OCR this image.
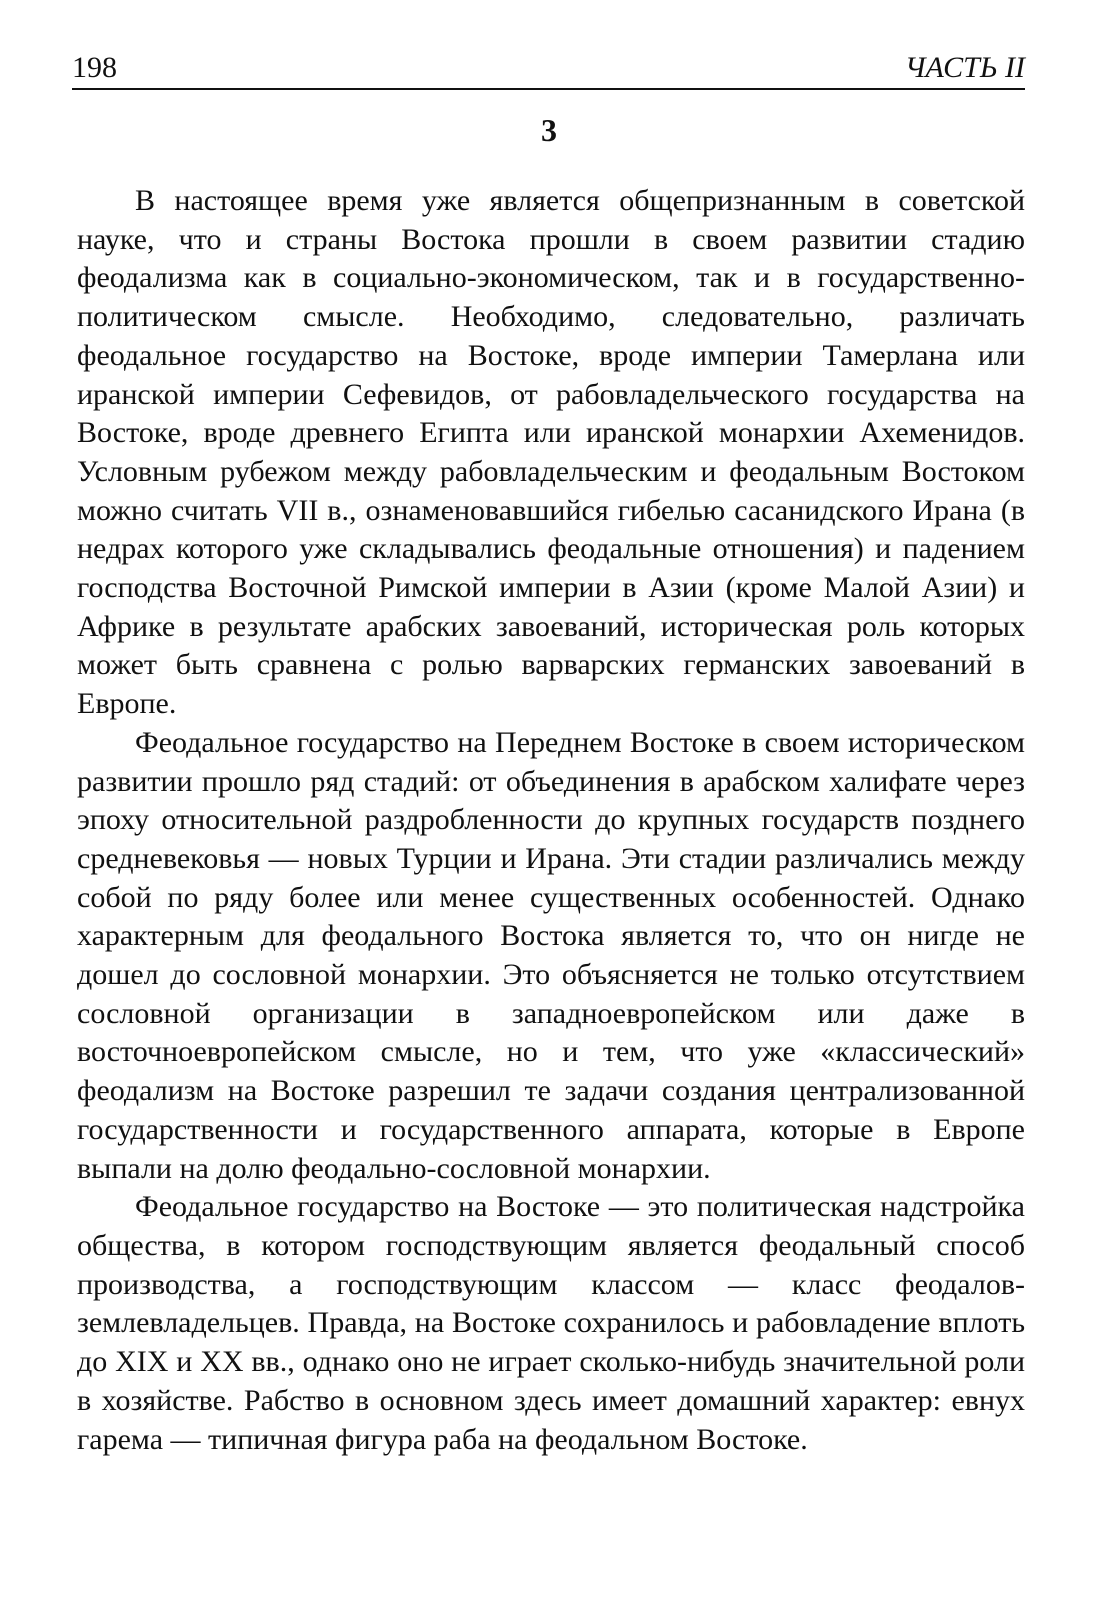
198	ЧАСТЬ II
3

В настоящее время уже является общепризнанным в советской науке, что и страны Востока прошли в своем развитии стадию феодализма как в социально-экономическом, так и в государственно-политическом смысле. Необходимо, следовательно, различать феодальное государство на Востоке, вроде империи Тамерлана или иранской империи Сефевидов, от рабовладельческого государства на Востоке, вроде древнего Египта или иранской монархии Ахеменидов. Условным рубежом между рабовладельческим и феодальным Востоком можно считать VII в., ознаменовавшийся гибелью сасанидского Ирана (в недрах которого уже складывались феодальные отношения) и падением господства Восточной Римской империи в Азии (кроме Малой Азии) и Африке в результате арабских завоеваний, историческая роль которых может быть сравнена с ролью варварских германских завоеваний в Европе.

Феодальное государство на Переднем Востоке в своем историческом развитии прошло ряд стадий: от объединения в арабском халифате через эпоху относительной раздробленности до крупных государств позднего средневековья — новых Турции и Ирана. Эти стадии различались между собой по ряду более или менее существенных особенностей. Однако характерным для феодального Востока является то, что он нигде не дошел до сословной монархии. Это объясняется не только отсутствием сословной организации в западноевропейском или даже в восточноевропейском смысле, но и тем, что уже «классический» феодализм на Востоке разрешил те задачи создания централизованной государственности и государственного аппарата, которые в Европе выпали на долю феодально-сословной монархии.

Феодальное государство на Востоке — это политическая надстройка общества, в котором господствующим является феодальный способ производства, а господствующим классом — класс феодалов-землевладельцев. Правда, на Востоке сохранилось и рабовладение вплоть до XIX и XX вв., однако оно не играет сколько-нибудь значительной роли в хозяйстве. Рабство в основном здесь имеет домашний характер: евнух гарема — типичная фигура раба на феодальном Востоке.
